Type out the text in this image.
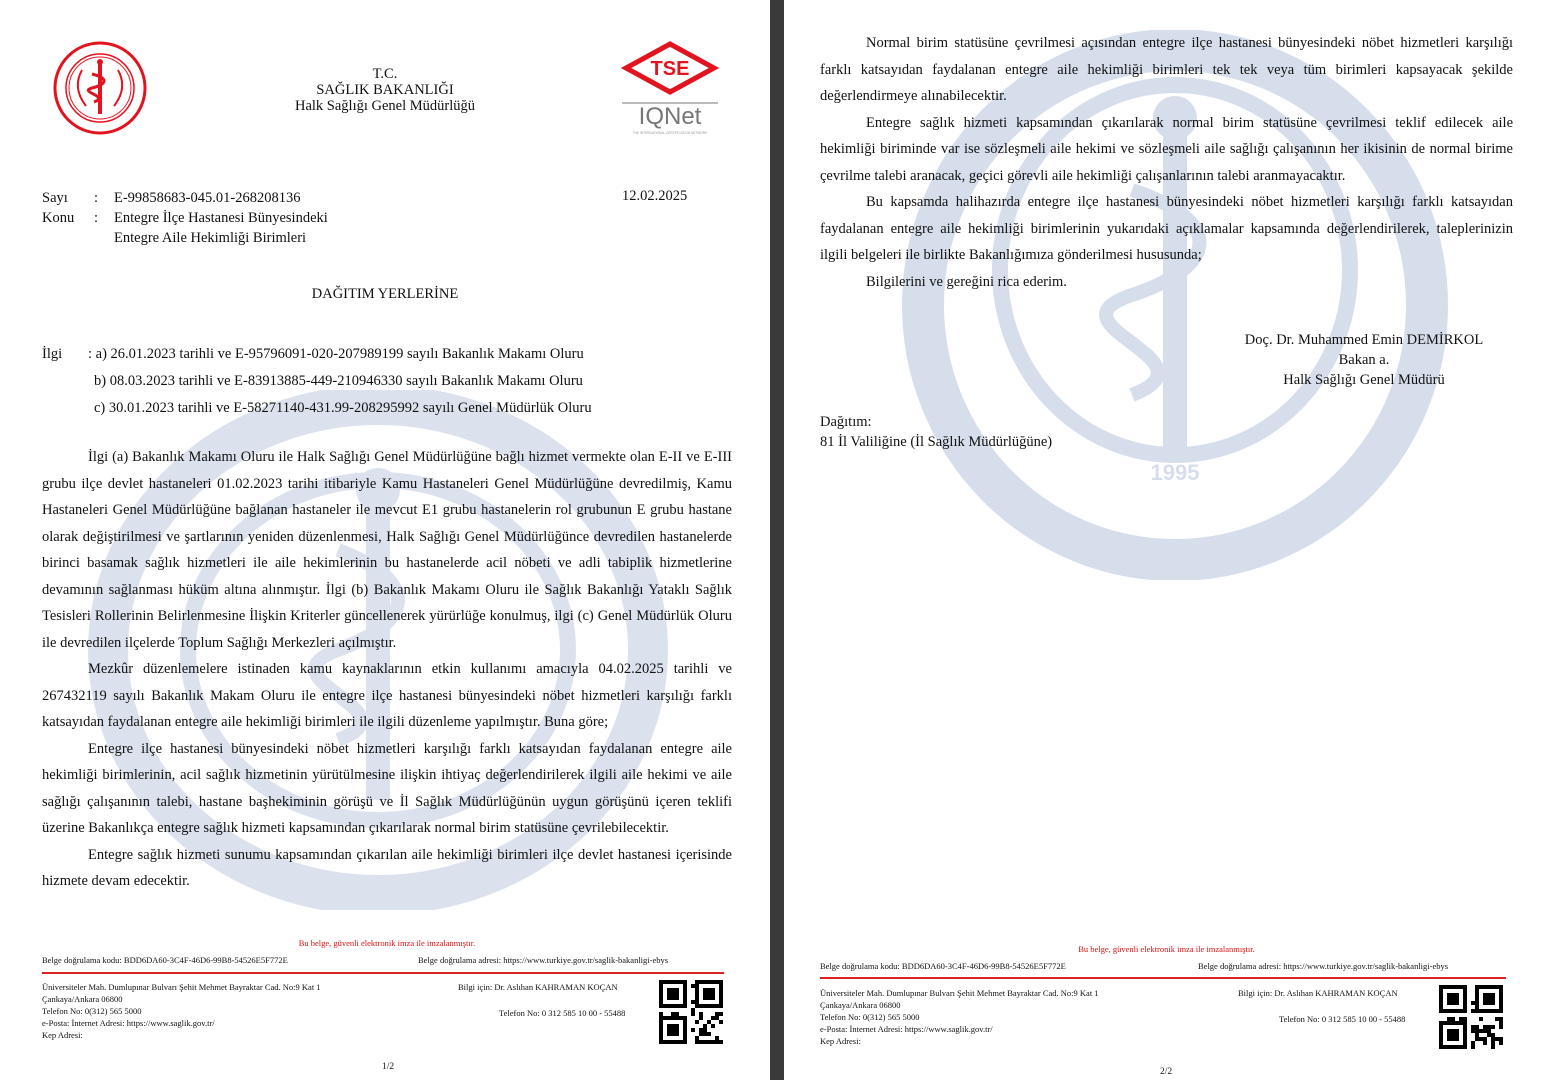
TSE
IQNet
THE INTERNATIONAL CERTIFICATION NETWORK
T.C.
SAĞLIK BAKANLIĞI
Halk Sağlığı Genel Müdürlüğü
Sayı : E-99858683-045.01-268208136
Konu : Entegre İlçe Hastanesi Bünyesindeki
Entegre Aile Hekimliği Birimleri
12.02.2025
DAĞITIM YERLERİNE
İlgi : a) 26.01.2023 tarihli ve E-95796091-020-207989199 sayılı Bakanlık Makamı Oluru
b) 08.03.2023 tarihli ve E-83913885-449-210946330 sayılı Bakanlık Makamı Oluru
c) 30.01.2023 tarihli ve E-58271140-431.99-208295992 sayılı Genel Müdürlük Oluru

İlgi (a) Bakanlık Makamı Oluru ile Halk Sağlığı Genel Müdürlüğüne bağlı hizmet vermekte olan E-II ve E-III grubu ilçe devlet hastaneleri 01.02.2023 tarihi itibariyle Kamu Hastaneleri Genel Müdürlüğüne devredilmiş, Kamu Hastaneleri Genel Müdürlüğüne bağlanan hastaneler ile mevcut E1 grubu hastanelerin rol grubunun E grubu hastane olarak değiştirilmesi ve şartlarının yeniden düzenlenmesi, Halk Sağlığı Genel Müdürlüğünce devredilen hastanelerde birinci basamak sağlık hizmetleri ile aile hekimlerinin bu hastanelerde acil nöbeti ve adli tabiplik hizmetlerine devamının sağlanması hüküm altına alınmıştır. İlgi (b) Bakanlık Makamı Oluru ile Sağlık Bakanlığı Yataklı Sağlık Tesisleri Rollerinin Belirlenmesine İlişkin Kriterler güncellenerek yürürlüğe konulmuş, ilgi (c) Genel Müdürlük Oluru ile devredilen ilçelerde Toplum Sağlığı Merkezleri açılmıştır.

Mezkûr düzenlemelere istinaden kamu kaynaklarının etkin kullanımı amacıyla 04.02.2025 tarihli ve 267432119 sayılı Bakanlık Makam Oluru ile entegre ilçe hastanesi bünyesindeki nöbet hizmetleri karşılığı farklı katsayıdan faydalanan entegre aile hekimliği birimleri ile ilgili düzenleme yapılmıştır. Buna göre;

Entegre ilçe hastanesi bünyesindeki nöbet hizmetleri karşılığı farklı katsayıdan faydalanan entegre aile hekimliği birimlerinin, acil sağlık hizmetinin yürütülmesine ilişkin ihtiyaç değerlendirilerek ilgili aile hekimi ve aile sağlığı çalışanının talebi, hastane başhekiminin görüşü ve İl Sağlık Müdürlüğünün uygun görüşünü içeren teklifi üzerine Bakanlıkça entegre sağlık hizmeti kapsamından çıkarılarak normal birim statüsüne çevrilebilecektir.

Entegre sağlık hizmeti sunumu kapsamından çıkarılan aile hekimliği birimleri ilçe devlet hastanesi içerisinde hizmete devam edecektir.

Bu belge, güvenli elektronik imza ile imzalanmıştır.
Belge doğrulama kodu: BDD6DA60-3C4F-46D6-99B8-54526E5F772E	Belge doğrulama adresi: https://www.turkiye.gov.tr/saglik-bakanligi-ebys
Üniversiteler Mah. Dumlupınar Bulvarı Şehit Mehmet Bayraktar Cad. No:9 Kat 1
Çankaya/Ankara 06800
Telefon No: 0(312) 565 5000
e-Posta: İnternet Adresi: https://www.saglik.gov.tr/
Kep Adresi:
Bilgi için: Dr. Aslıhan KAHRAMAN KOÇAN
Telefon No: 0 312 585 10 00 - 55488
1/2
1995

Normal birim statüsüne çevrilmesi açısından entegre ilçe hastanesi bünyesindeki nöbet hizmetleri karşılığı farklı katsayıdan faydalanan entegre aile hekimliği birimleri tek tek veya tüm birimleri kapsayacak şekilde değerlendirmeye alınabilecektir.

Entegre sağlık hizmeti kapsamından çıkarılarak normal birim statüsüne çevrilmesi teklif edilecek aile hekimliği biriminde var ise sözleşmeli aile hekimi ve sözleşmeli aile sağlığı çalışanının her ikisinin de normal birime çevrilme talebi aranacak, geçici görevli aile hekimliği çalışanlarının talebi aranmayacaktır.

Bu kapsamda halihazırda entegre ilçe hastanesi bünyesindeki nöbet hizmetleri karşılığı farklı katsayıdan faydalanan entegre aile hekimliği birimlerinin yukarıdaki açıklamalar kapsamında değerlendirilerek, taleplerinizin ilgili belgeleri ile birlikte Bakanlığımıza gönderilmesi hususunda;

Bilgilerini ve gereğini rica ederim.

Doç. Dr. Muhammed Emin DEMİRKOL
Bakan a.
Halk Sağlığı Genel Müdürü
Dağıtım:
81 İl Valiliğine (İl Sağlık Müdürlüğüne)
Bu belge, güvenli elektronik imza ile imzalanmıştır.
Belge doğrulama kodu: BDD6DA60-3C4F-46D6-99B8-54526E5F772E	Belge doğrulama adresi: https://www.turkiye.gov.tr/saglik-bakanligi-ebys
Üniversiteler Mah. Dumlupınar Bulvarı Şehit Mehmet Bayraktar Cad. No:9 Kat 1
Çankaya/Ankara 06800
Telefon No: 0(312) 565 5000
e-Posta: İnternet Adresi: https://www.saglik.gov.tr/
Kep Adresi:
Bilgi için: Dr. Aslıhan KAHRAMAN KOÇAN
Telefon No: 0 312 585 10 00 - 55488
2/2
